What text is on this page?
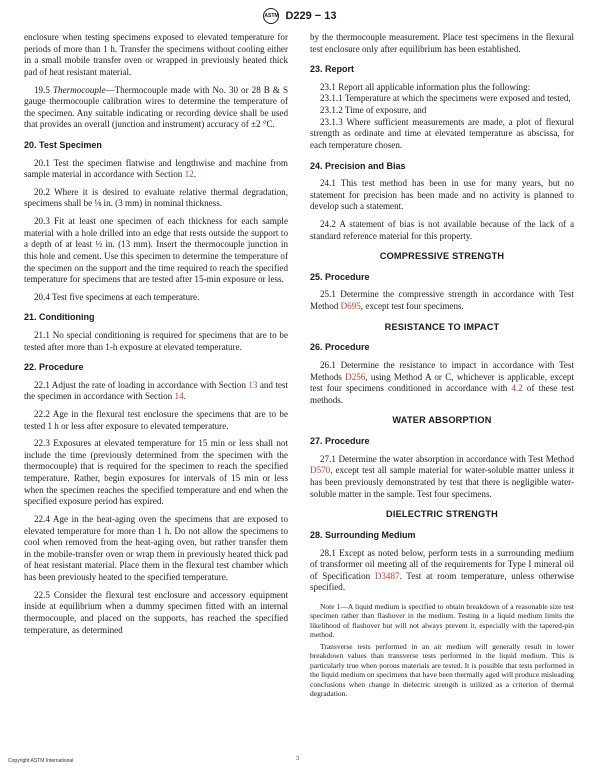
ASTM D229 − 13

enclosure when testing specimens exposed to elevated temperature for periods of more than 1 h. Transfer the specimens without cooling either in a small mobile transfer oven or wrapped in previously heated thick pad of heat resistant material.

19.5 Thermocouple—Thermocouple made with No. 30 or 28 B & S gauge thermocouple calibration wires to determine the temperature of the specimen. Any suitable indicating or recording device shall be used that provides an overall (junction and instrument) accuracy of ±2 °C.

20. Test Specimen

20.1 Test the specimen flatwise and lengthwise and machine from sample material in accordance with Section 12.

20.2 Where it is desired to evaluate relative thermal degradation, specimens shall be ⅛ in. (3 mm) in nominal thickness.

20.3 Fit at least one specimen of each thickness for each sample material with a hole drilled into an edge that rests outside the support to a depth of at least ½ in. (13 mm). Insert the thermocouple junction in this hole and cement. Use this specimen to determine the temperature of the specimen on the support and the time required to reach the specified temperature for specimens that are tested after 15-min exposure or less.

20.4 Test five specimens at each temperature.

21. Conditioning

21.1 No special conditioning is required for specimens that are to be tested after more than 1-h exposure at elevated temperature.

22. Procedure

22.1 Adjust the rate of loading in accordance with Section 13 and test the specimen in accordance with Section 14.

22.2 Age in the flexural test enclosure the specimens that are to be tested 1 h or less after exposure to elevated temperature.

22.3 Exposures at elevated temperature for 15 min or less shall not include the time (previously determined from the specimen with the thermocouple) that is required for the specimen to reach the specified temperature. Rather, begin exposures for intervals of 15 min or less when the specimen reaches the specified temperature and end when the specified exposure period has expired.

22.4 Age in the heat-aging oven the specimens that are exposed to elevated temperature for more than 1 h. Do not allow the specimens to cool when removed from the heat-aging oven, but rather transfer them in the mobile-transfer oven or wrap them in previously heated thick pad of heat resistant material. Place them in the flexural test chamber which has been previously heated to the specified temperature.

22.5 Consider the flexural test enclosure and accessory equipment inside at equilibrium when a dummy specimen fitted with an internal thermocouple, and placed on the supports, has reached the specified temperature, as determined

by the thermocouple measurement. Place test specimens in the flexural test enclosure only after equilibrium has been established.

23. Report

23.1 Report all applicable information plus the following:

23.1.1 Temperature at which the specimens were exposed and tested,

23.1.2 Time of exposure, and

23.1.3 Where sufficient measurements are made, a plot of flexural strength as ordinate and time at elevated temperature as abscissa, for each temperature chosen.

24. Precision and Bias

24.1 This test method has been in use for many years, but no statement for precision has been made and no activity is planned to develop such a statement.

24.2 A statement of bias is not available because of the lack of a standard reference material for this property.

COMPRESSIVE STRENGTH
25. Procedure

25.1 Determine the compressive strength in accordance with Test Method D695, except test four specimens.

RESISTANCE TO IMPACT
26. Procedure

26.1 Determine the resistance to impact in accordance with Test Methods D256, using Method A or C, whichever is applicable, except test four specimens conditioned in accordance with 4.2 of these test methods.

WATER ABSORPTION
27. Procedure

27.1 Determine the water absorption in accordance with Test Method D570, except test all sample material for water-soluble matter unless it has been previously demonstrated by test that there is negligible water-soluble matter in the sample. Test four specimens.

DIELECTRIC STRENGTH
28. Surrounding Medium

28.1 Except as noted below, perform tests in a surrounding medium of transformer oil meeting all of the requirements for Type I mineral oil of Specification D3487. Test at room temperature, unless otherwise specified.

Note 1—A liquid medium is specified to obtain breakdown of a reasonable size test specimen rather than flashover in the medium. Testing in a liquid medium limits the likelihood of flashover but will not always prevent it, especially with the tapered-pin method.

Transverse tests performed in an air medium will generally result in lower breakdown values than transverse tests performed in the liquid medium. This is particularly true when porous materials are tested. It is possible that tests performed in the liquid medium on specimens that have been thermally aged will produce misleading conclusions when change in dielectric strength is utilized as a criterion of thermal degradation.

Copyright ASTM International	3
